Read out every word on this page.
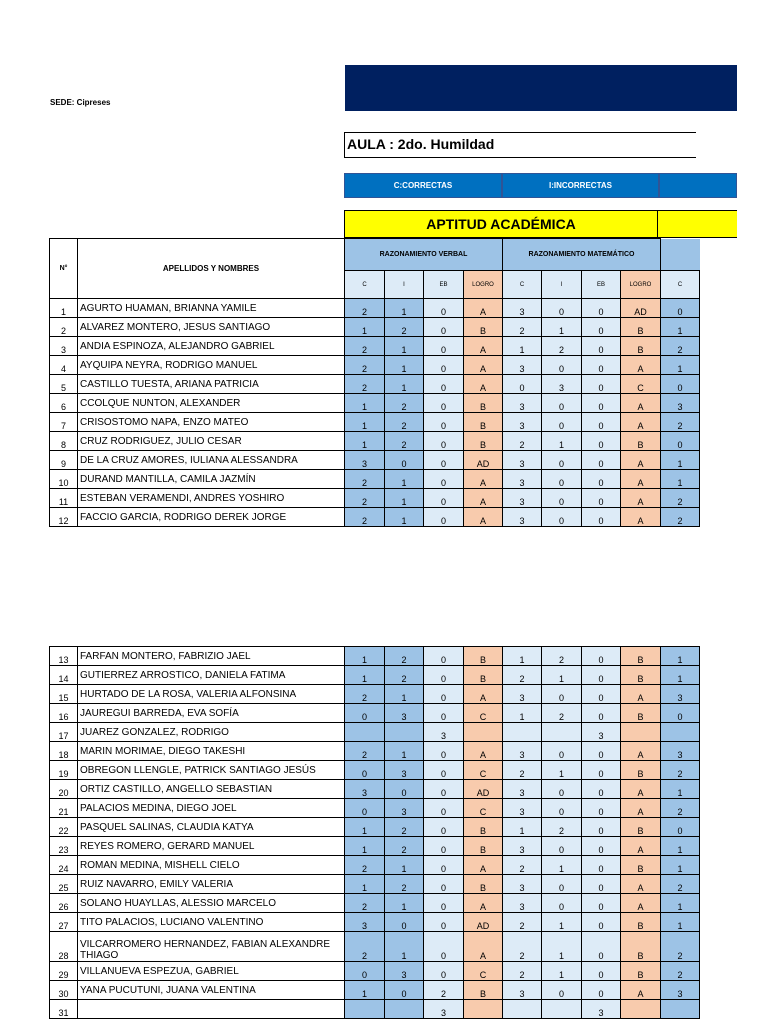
SEDE: Cipreses
AULA : 2do. Humildad
C:CORRECTAS	I:INCORRECTAS
APTITUD ACADÉMICA
N°	APELLIDOS Y NOMBRES	RAZONAMIENTO VERBAL				RAZONAMIENTO MATEMÁTICO				
		C	I	EB	LOGRO	C	I	EB	LOGRO	C
1	AGURTO HUAMAN, BRIANNA YAMILE	2	1	0	A	3	0	0	AD	0
2	ALVAREZ MONTERO, JESUS SANTIAGO	1	2	0	B	2	1	0	B	1
3	ANDIA ESPINOZA, ALEJANDRO GABRIEL	2	1	0	A	1	2	0	B	2
4	AYQUIPA NEYRA, RODRIGO MANUEL	2	1	0	A	3	0	0	A	1
5	CASTILLO TUESTA, ARIANA PATRICIA	2	1	0	A	0	3	0	C	0
6	CCOLQUE NUNTON, ALEXANDER	1	2	0	B	3	0	0	A	3
7	CRISOSTOMO NAPA, ENZO MATEO	1	2	0	B	3	0	0	A	2
8	CRUZ RODRIGUEZ, JULIO CESAR	1	2	0	B	2	1	0	B	0
9	DE LA CRUZ AMORES, IULIANA ALESSANDRA	3	0	0	AD	3	0	0	A	1
10	DURAND MANTILLA, CAMILA JAZMÍN	2	1	0	A	3	0	0	A	1
11	ESTEBAN VERAMENDI, ANDRES YOSHIRO	2	1	0	A	3	0	0	A	2
12	FACCIO GARCIA, RODRIGO DEREK JORGE	2	1	0	A	3	0	0	A	2
13	FARFAN MONTERO, FABRIZIO JAEL	1	2	0	B	1	2	0	B	1
14	GUTIERREZ ARROSTICO, DANIELA FATIMA	1	2	0	B	2	1	0	B	1
15	HURTADO DE LA ROSA, VALERIA ALFONSINA	2	1	0	A	3	0	0	A	3
16	JAUREGUI BARREDA, EVA SOFÍA	0	3	0	C	1	2	0	B	0
17	JUAREZ GONZALEZ, RODRIGO			3				3		
18	MARIN MORIMAE, DIEGO TAKESHI	2	1	0	A	3	0	0	A	3
19	OBREGON LLENGLE, PATRICK SANTIAGO JESÚS	0	3	0	C	2	1	0	B	2
20	ORTIZ CASTILLO, ANGELLO SEBASTIAN	3	0	0	AD	3	0	0	A	1
21	PALACIOS MEDINA, DIEGO JOEL	0	3	0	C	3	0	0	A	2
22	PASQUEL SALINAS, CLAUDIA KATYA	1	2	0	B	1	2	0	B	0
23	REYES ROMERO, GERARD MANUEL	1	2	0	B	3	0	0	A	1
24	ROMAN MEDINA, MISHELL CIELO	2	1	0	A	2	1	0	B	1
25	RUIZ NAVARRO, EMILY VALERIA	1	2	0	B	3	0	0	A	2
26	SOLANO HUAYLLAS, ALESSIO MARCELO	2	1	0	A	3	0	0	A	1
27	TITO PALACIOS, LUCIANO VALENTINO	3	0	0	AD	2	1	0	B	1
28	VILCARROMERO HERNANDEZ, FABIAN ALEXANDRE THIAGO	2	1	0	A	2	1	0	B	2
29	VILLANUEVA ESPEZUA, GABRIEL	0	3	0	C	2	1	0	B	2
30	YANA PUCUTUNI, JUANA VALENTINA	1	0	2	B	3	0	0	A	3
31				3				3		
